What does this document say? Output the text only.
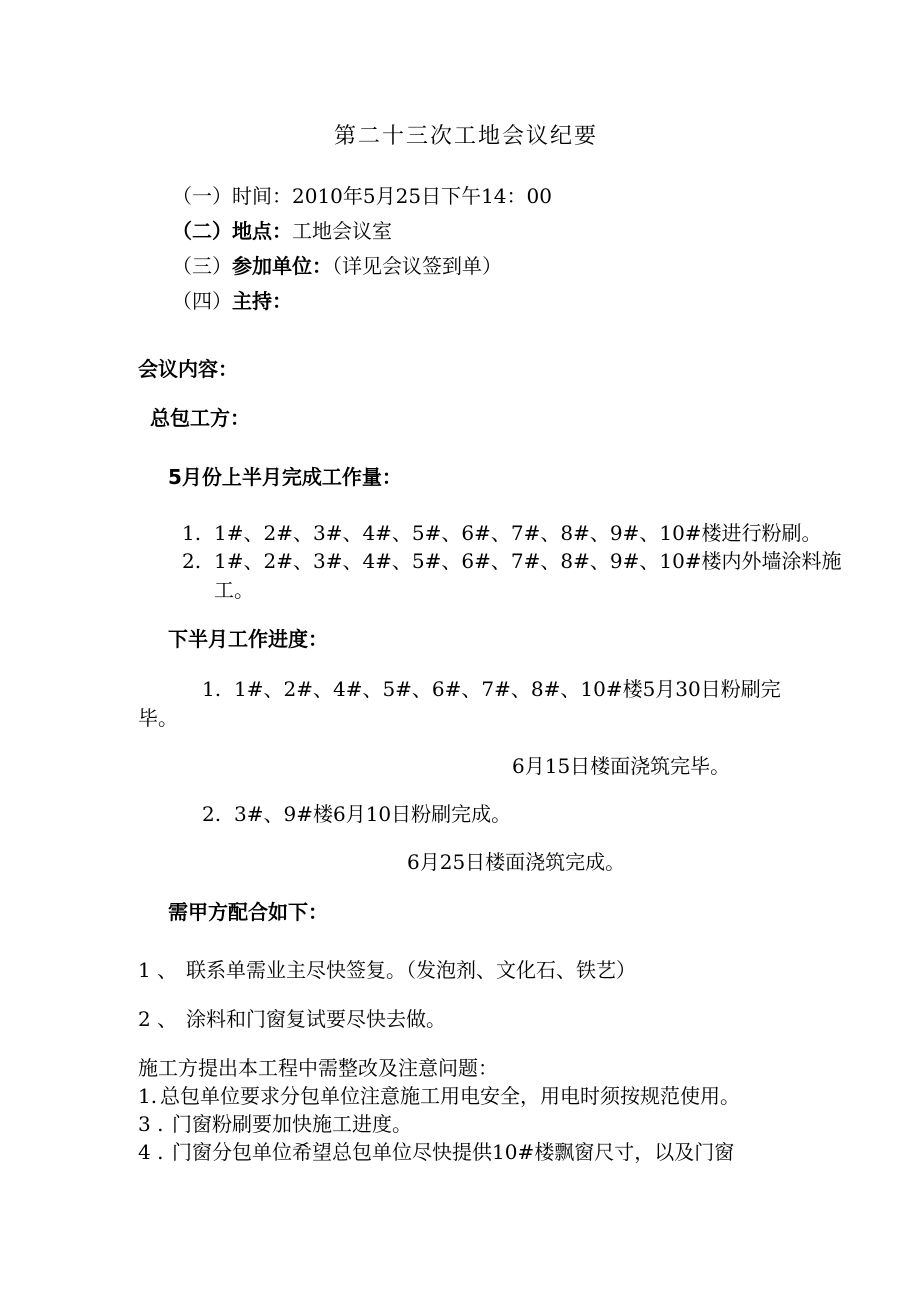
第二十三次工地会议纪要
（一）时间：2010年5月25日下午14：00
（二）地点：工地会议室
（三）参加单位：（详见会议签到单）
（四）主持：
会议内容：
总包工方：
5月份上半月完成工作量：
1. 1#、2#、3#、4#、5#、6#、7#、8#、9#、10#楼进行粉刷。
2. 1#、2#、3#、4#、5#、6#、7#、8#、9#、10#楼内外墙涂料施
工。
下半月工作进度：
1. 1#、2#、4#、5#、6#、7#、8#、10#楼5月30日粉刷完
毕。
6月15日楼面浇筑完毕。
2. 3#、9#楼6月10日粉刷完成。
6月25日楼面浇筑完成。
需甲方配合如下：
1 、 联系单需业主尽快签复。（发泡剂、文化石、铁艺）
2 、 涂料和门窗复试要尽快去做。
施工方提出本工程中需整改及注意问题：
1. 总包单位要求分包单位注意施工用电安全，用电时须按规范使用。
3 . 门窗粉刷要加快施工进度。
4 . 门窗分包单位希望总包单位尽快提供10#楼飘窗尺寸，以及门窗
